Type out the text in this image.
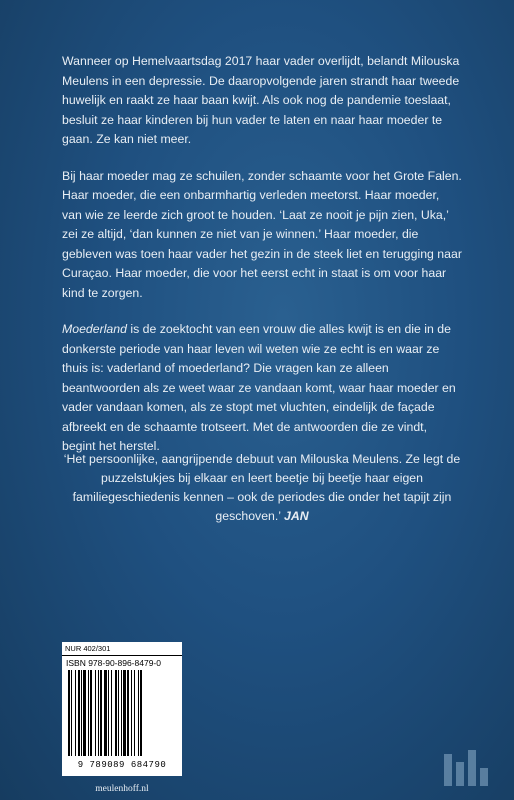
Wanneer op Hemelvaartsdag 2017 haar vader overlijdt, belandt Milouska Meulens in een depressie. De daaropvolgende jaren strandt haar tweede huwelijk en raakt ze haar baan kwijt. Als ook nog de pandemie toeslaat, besluit ze haar kinderen bij hun vader te laten en naar haar moeder te gaan. Ze kan niet meer.

Bij haar moeder mag ze schuilen, zonder schaamte voor het Grote Falen. Haar moeder, die een onbarmhartig verleden meetorst. Haar moeder, van wie ze leerde zich groot te houden. ‘Laat ze nooit je pijn zien, Uka,’ zei ze altijd, ‘dan kunnen ze niet van je winnen.’ Haar moeder, die gebleven was toen haar vader het gezin in de steek liet en terugging naar Curaçao. Haar moeder, die voor het eerst echt in staat is om voor haar kind te zorgen.

Moederland is de zoektocht van een vrouw die alles kwijt is en die in de donkerste periode van haar leven wil weten wie ze echt is en waar ze thuis is: vaderland of moederland? Die vragen kan ze alleen beantwoorden als ze weet waar ze vandaan komt, waar haar moeder en vader vandaan komen, als ze stopt met vluchten, eindelijk de façade afbreekt en de schaamte trotseert. Met de antwoorden die ze vindt, begint het herstel.

‘Het persoonlijke, aangrijpende debuut van Milouska Meulens. Ze legt de puzzelstukjes bij elkaar en leert beetje bij beetje haar eigen familiegeschiedenis kennen – ook de periodes die onder het tapijt zijn geschoven.’ JAN
NUR 402/301
ISBN 978-90-896-8479-0
9 789089 684790
meulenhoff.nl
